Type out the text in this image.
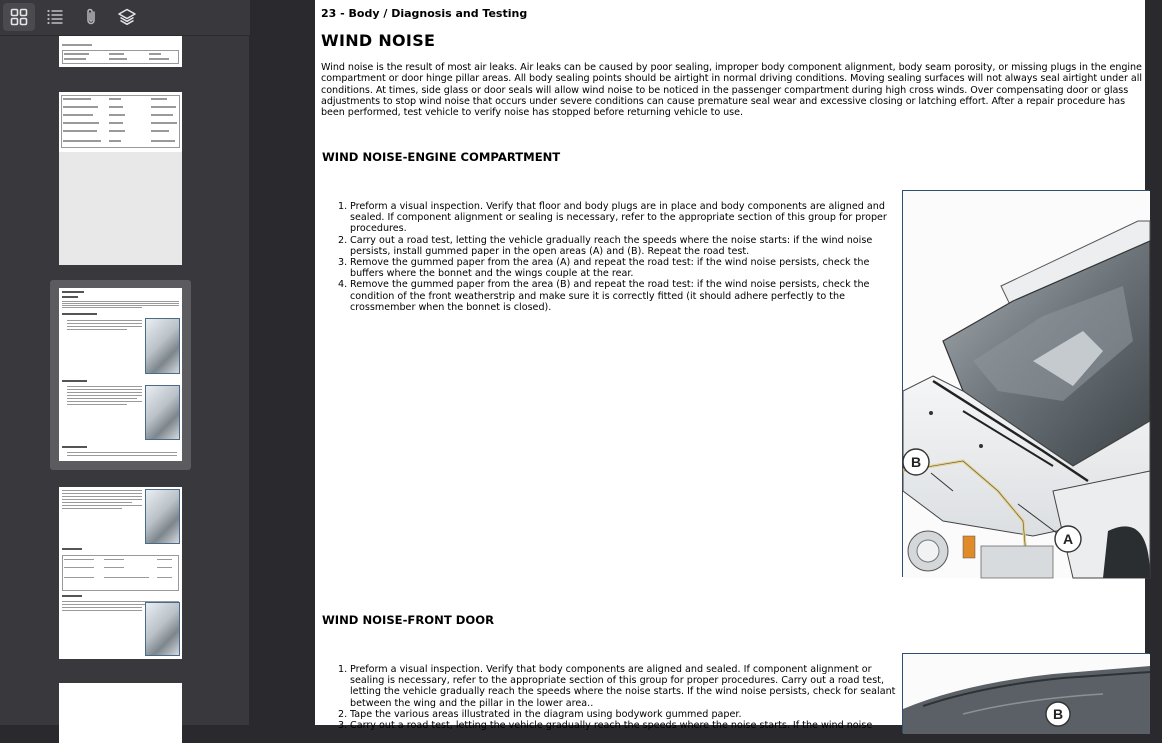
23 - Body / Diagnosis and Testing
WIND NOISE
Wind noise is the result of most air leaks. Air leaks can be caused by poor sealing, improper body component alignment, body seam porosity, or missing plugs in the engine compartment or door hinge pillar areas. All body sealing points should be airtight in normal driving conditions. Moving sealing surfaces will not always seal airtight under all conditions. At times, side glass or door seals will allow wind noise to be noticed in the passenger compartment during high cross winds. Over compensating door or glass adjustments to stop wind noise that occurs under severe conditions can cause premature seal wear and excessive closing or latching effort. After a repair procedure has been performed, test vehicle to verify noise has stopped before returning vehicle to use.
WIND NOISE-ENGINE COMPARTMENT
1. Preform a visual inspection. Verify that floor and body plugs are in place and body components are aligned and sealed. If component alignment or sealing is necessary, refer to the appropriate section of this group for proper procedures.
2. Carry out a road test, letting the vehicle gradually reach the speeds where the noise starts: if the wind noise persists, install gummed paper in the open areas (A) and (B). Repeat the road test.
3. Remove the gummed paper from the area (A) and repeat the road test: if the wind noise persists, check the buffers where the bonnet and the wings couple at the rear.
4. Remove the gummed paper from the area (B) and repeat the road test: if the wind noise persists, check the condition of the front weatherstrip and make sure it is correctly fitted (it should adhere perfectly to the crossmember when the bonnet is closed).
B
A
WIND NOISE-FRONT DOOR
1. Preform a visual inspection. Verify that body components are aligned and sealed. If component alignment or sealing is necessary, refer to the appropriate section of this group for proper procedures. Carry out a road test, letting the vehicle gradually reach the speeds where the noise starts. If the wind noise persists, check for sealant between the wing and the pillar in the lower area..
2. Tape the various areas illustrated in the diagram using bodywork gummed paper.
3. Carry out a road test, letting the vehicle gradually reach the speeds where the noise starts. If the wind noise
B
